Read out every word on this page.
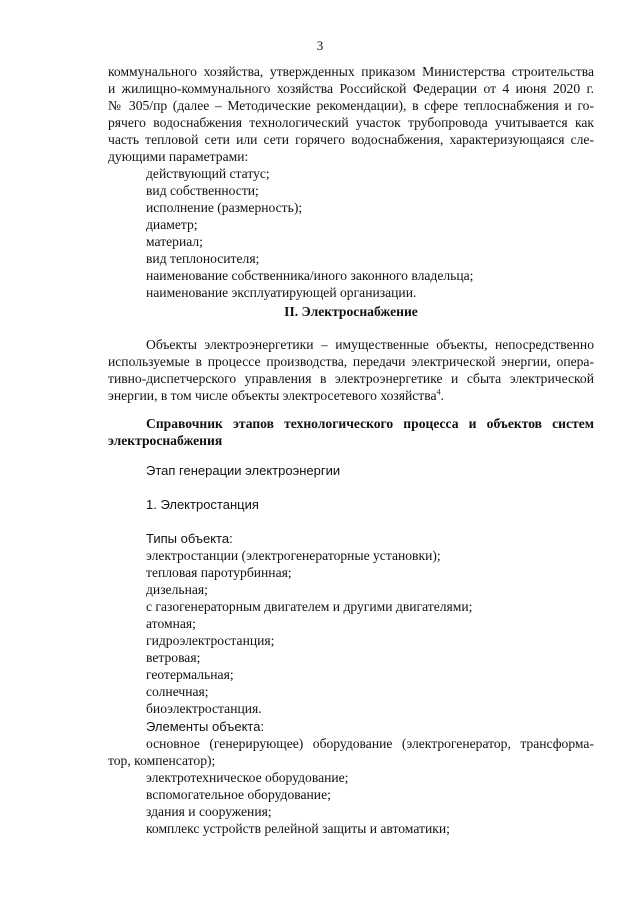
3
коммунального хозяйства, утвержденных приказом Министерства строительства
и жилищно-коммунального хозяйства Российской Федерации от 4 июня 2020 г.
№ 305/пр (далее – Методические рекомендации), в сфере теплоснабжения и го-
рячего водоснабжения технологический участок трубопровода учитывается как
часть тепловой сети или сети горячего водоснабжения, характеризующаяся сле-
дующими параметрами:
действующий статус;
вид собственности;
исполнение (размерность);
диаметр;
материал;
вид теплоносителя;
наименование собственника/иного законного владельца;
наименование эксплуатирующей организации.
II. Электроснабжение
Объекты электроэнергетики – имущественные объекты, непосредственно
используемые в процессе производства, передачи электрической энергии, опера-
тивно-диспетчерского управления в электроэнергетике и сбыта электрической
энергии, в том числе объекты электросетевого хозяйства$^4$.
Справочник этапов технологического процесса и объектов систем
электроснабжения
Этап генерации электроэнергии
1. Электростанция
Типы объекта:
электростанции (электрогенераторные установки);
тепловая паротурбинная;
дизельная;
с газогенераторным двигателем и другими двигателями;
атомная;
гидроэлектростанция;
ветровая;
геотермальная;
солнечная;
биоэлектростанция.
Элементы объекта:
основное (генерирующее) оборудование (электрогенератор, трансформа-
тор, компенсатор);
электротехническое оборудование;
вспомогательное оборудование;
здания и сооружения;
комплекс устройств релейной защиты и автоматики;
